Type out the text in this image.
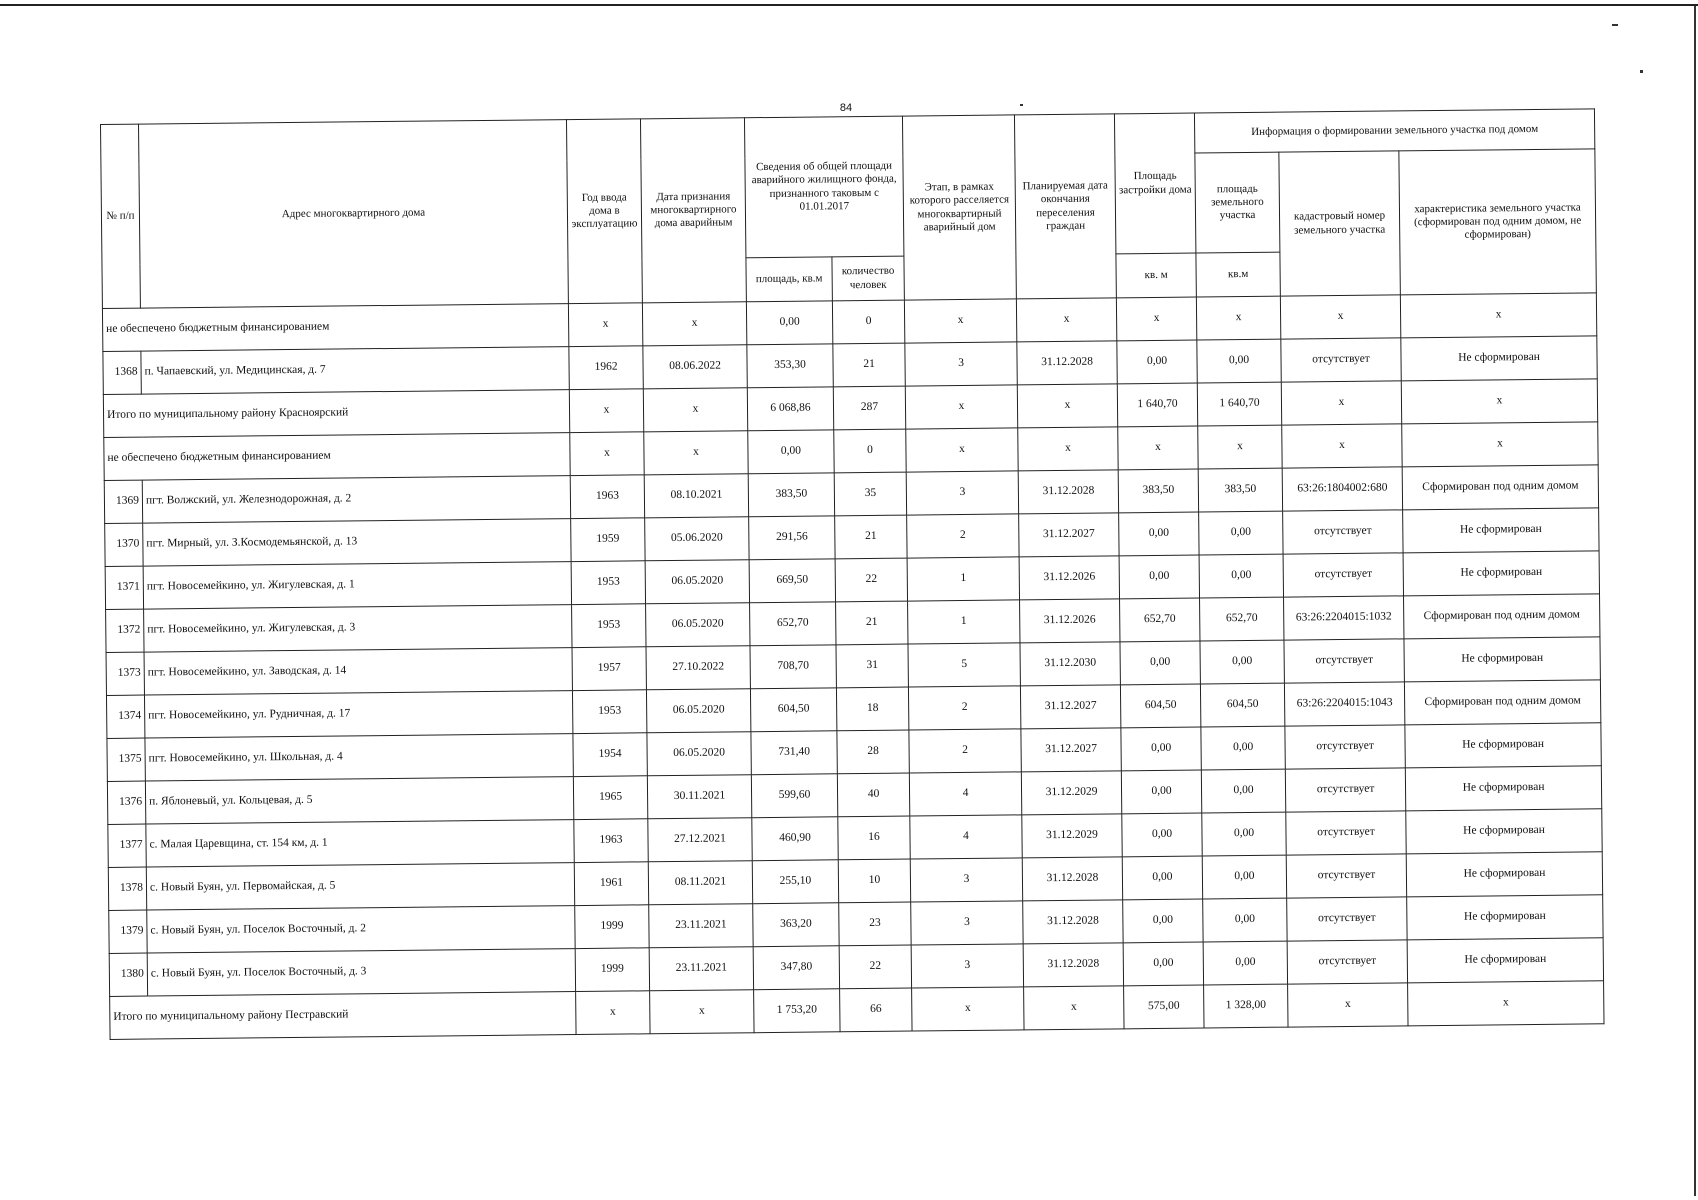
84
№ п/п	Адрес многоквартирного дома	Год ввода дома в эксплуатацию	Дата признания многоквартирного дома аварийным	Сведения об общей площади аварийного жилищного фонда, признанного таковым с 01.01.2017		Этап, в рамках которого расселяется многоквартирный аварийный дом	Планируемая дата окончания переселения граждан	Площадь застройки дома	Информация о формировании земельного участка под домом		
									площадь земельного участка	кадастровый номер земельного участка	характеристика земельного участка (сформирован под одним домом, не сформирован)
				площадь, кв.м	количество человек			кв. м	кв.м		
не обеспечено бюджетным финансированием		x	x	0,00	0	x	x	x	x	x	x
1368	п. Чапаевский, ул. Медицинская, д. 7	1962	08.06.2022	353,30	21	3	31.12.2028	0,00	0,00	отсутствует	Не сформирован
Итого по муниципальному району Красноярский		x	x	6 068,86	287	x	x	1 640,70	1 640,70	x	x
не обеспечено бюджетным финансированием		x	x	0,00	0	x	x	x	x	x	x
1369	пгт. Волжский, ул. Железнодорожная, д. 2	1963	08.10.2021	383,50	35	3	31.12.2028	383,50	383,50	63:26:1804002:680	Сформирован под одним домом
1370	пгт. Мирный, ул. З.Космодемьянской, д. 13	1959	05.06.2020	291,56	21	2	31.12.2027	0,00	0,00	отсутствует	Не сформирован
1371	пгт. Новосемейкино, ул. Жигулевская, д. 1	1953	06.05.2020	669,50	22	1	31.12.2026	0,00	0,00	отсутствует	Не сформирован
1372	пгт. Новосемейкино, ул. Жигулевская, д. 3	1953	06.05.2020	652,70	21	1	31.12.2026	652,70	652,70	63:26:2204015:1032	Сформирован под одним домом
1373	пгт. Новосемейкино, ул. Заводская, д. 14	1957	27.10.2022	708,70	31	5	31.12.2030	0,00	0,00	отсутствует	Не сформирован
1374	пгт. Новосемейкино, ул. Рудничная, д. 17	1953	06.05.2020	604,50	18	2	31.12.2027	604,50	604,50	63:26:2204015:1043	Сформирован под одним домом
1375	пгт. Новосемейкино, ул. Школьная, д. 4	1954	06.05.2020	731,40	28	2	31.12.2027	0,00	0,00	отсутствует	Не сформирован
1376	п. Яблоневый, ул. Кольцевая, д. 5	1965	30.11.2021	599,60	40	4	31.12.2029	0,00	0,00	отсутствует	Не сформирован
1377	с. Малая Царевщина, ст. 154 км, д. 1	1963	27.12.2021	460,90	16	4	31.12.2029	0,00	0,00	отсутствует	Не сформирован
1378	с. Новый Буян, ул. Первомайская, д. 5	1961	08.11.2021	255,10	10	3	31.12.2028	0,00	0,00	отсутствует	Не сформирован
1379	с. Новый Буян, ул. Поселок Восточный, д. 2	1999	23.11.2021	363,20	23	3	31.12.2028	0,00	0,00	отсутствует	Не сформирован
1380	с. Новый Буян, ул. Поселок Восточный, д. 3	1999	23.11.2021	347,80	22	3	31.12.2028	0,00	0,00	отсутствует	Не сформирован
Итого по муниципальному району Пестравский		x	x	1 753,20	66	x	x	575,00	1 328,00	x	x
